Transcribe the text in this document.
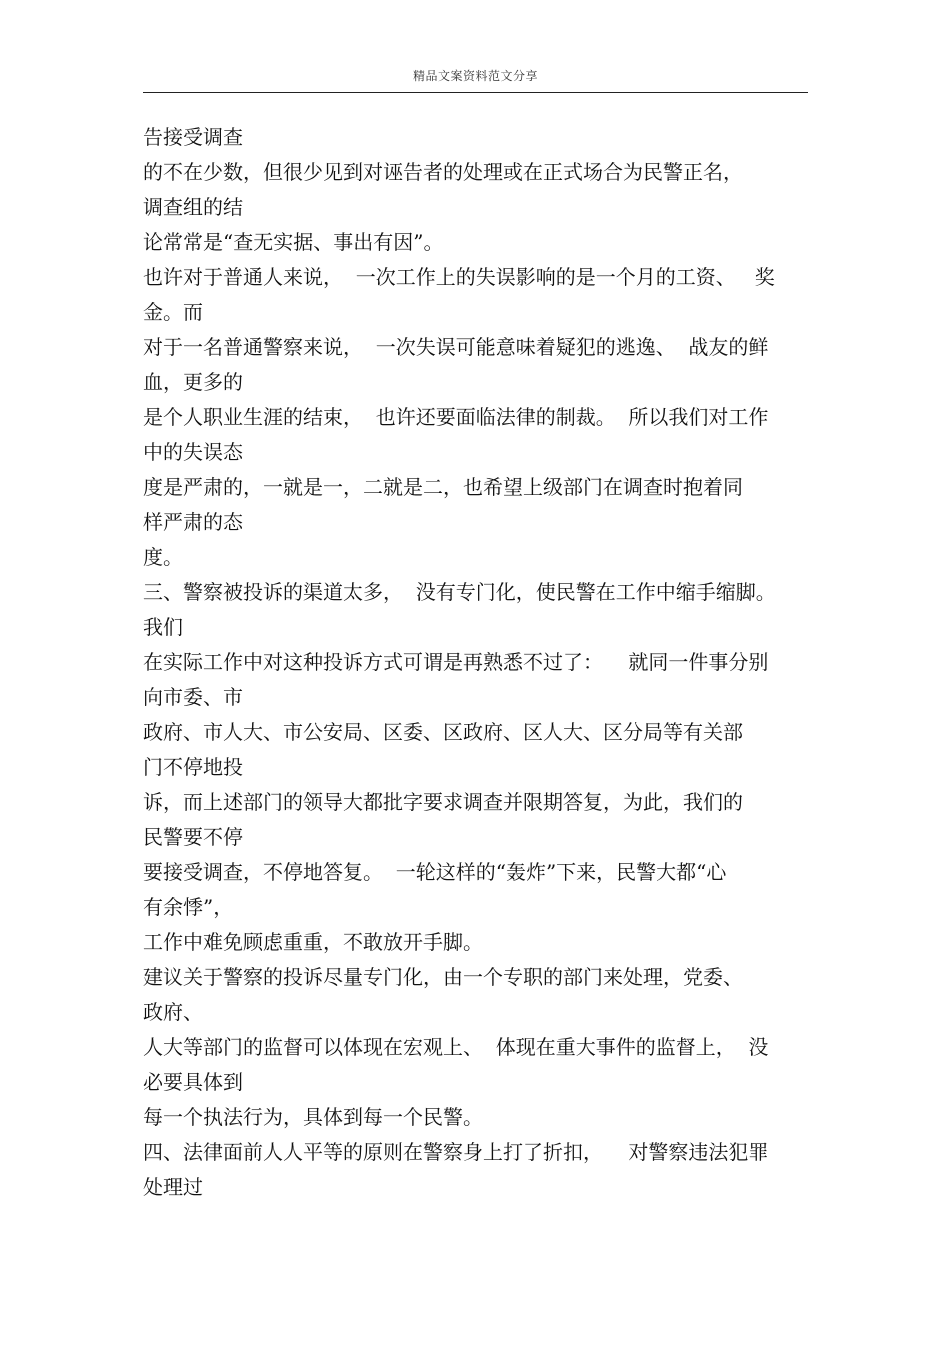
精品文案资料范文分享
告接受调查
的不在少数，但很少见到对诬告者的处理或在正式场合为民警正名，
调查组的结
论常常是“查无实据、事出有因”。
也许对于普通人来说，  一次工作上的失误影响的是一个月的工资、   奖
金。而
对于一名普通警察来说，  一次失误可能意味着疑犯的逃逸、  战友的鲜
血，更多的
是个人职业生涯的结束，  也许还要面临法律的制裁。  所以我们对工作
中的失误态
度是严肃的，一就是一，二就是二，也希望上级部门在调查时抱着同
样严肃的态
度。
三、警察被投诉的渠道太多，  没有专门化，使民警在工作中缩手缩脚。
我们
在实际工作中对这种投诉方式可谓是再熟悉不过了：    就同一件事分别
向市委、市
政府、市人大、市公安局、区委、区政府、区人大、区分局等有关部
门不停地投
诉，而上述部门的领导大都批字要求调查并限期答复，为此，我们的
民警要不停
要接受调查，不停地答复。  一轮这样的“轰炸”下来，民警大都“心
有余悸”，
工作中难免顾虑重重，不敢放开手脚。
建议关于警察的投诉尽量专门化，由一个专职的部门来处理，党委、
政府、
人大等部门的监督可以体现在宏观上、  体现在重大事件的监督上，  没
必要具体到
每一个执法行为，具体到每一个民警。
四、法律面前人人平等的原则在警察身上打了折扣，    对警察违法犯罪
处理过
